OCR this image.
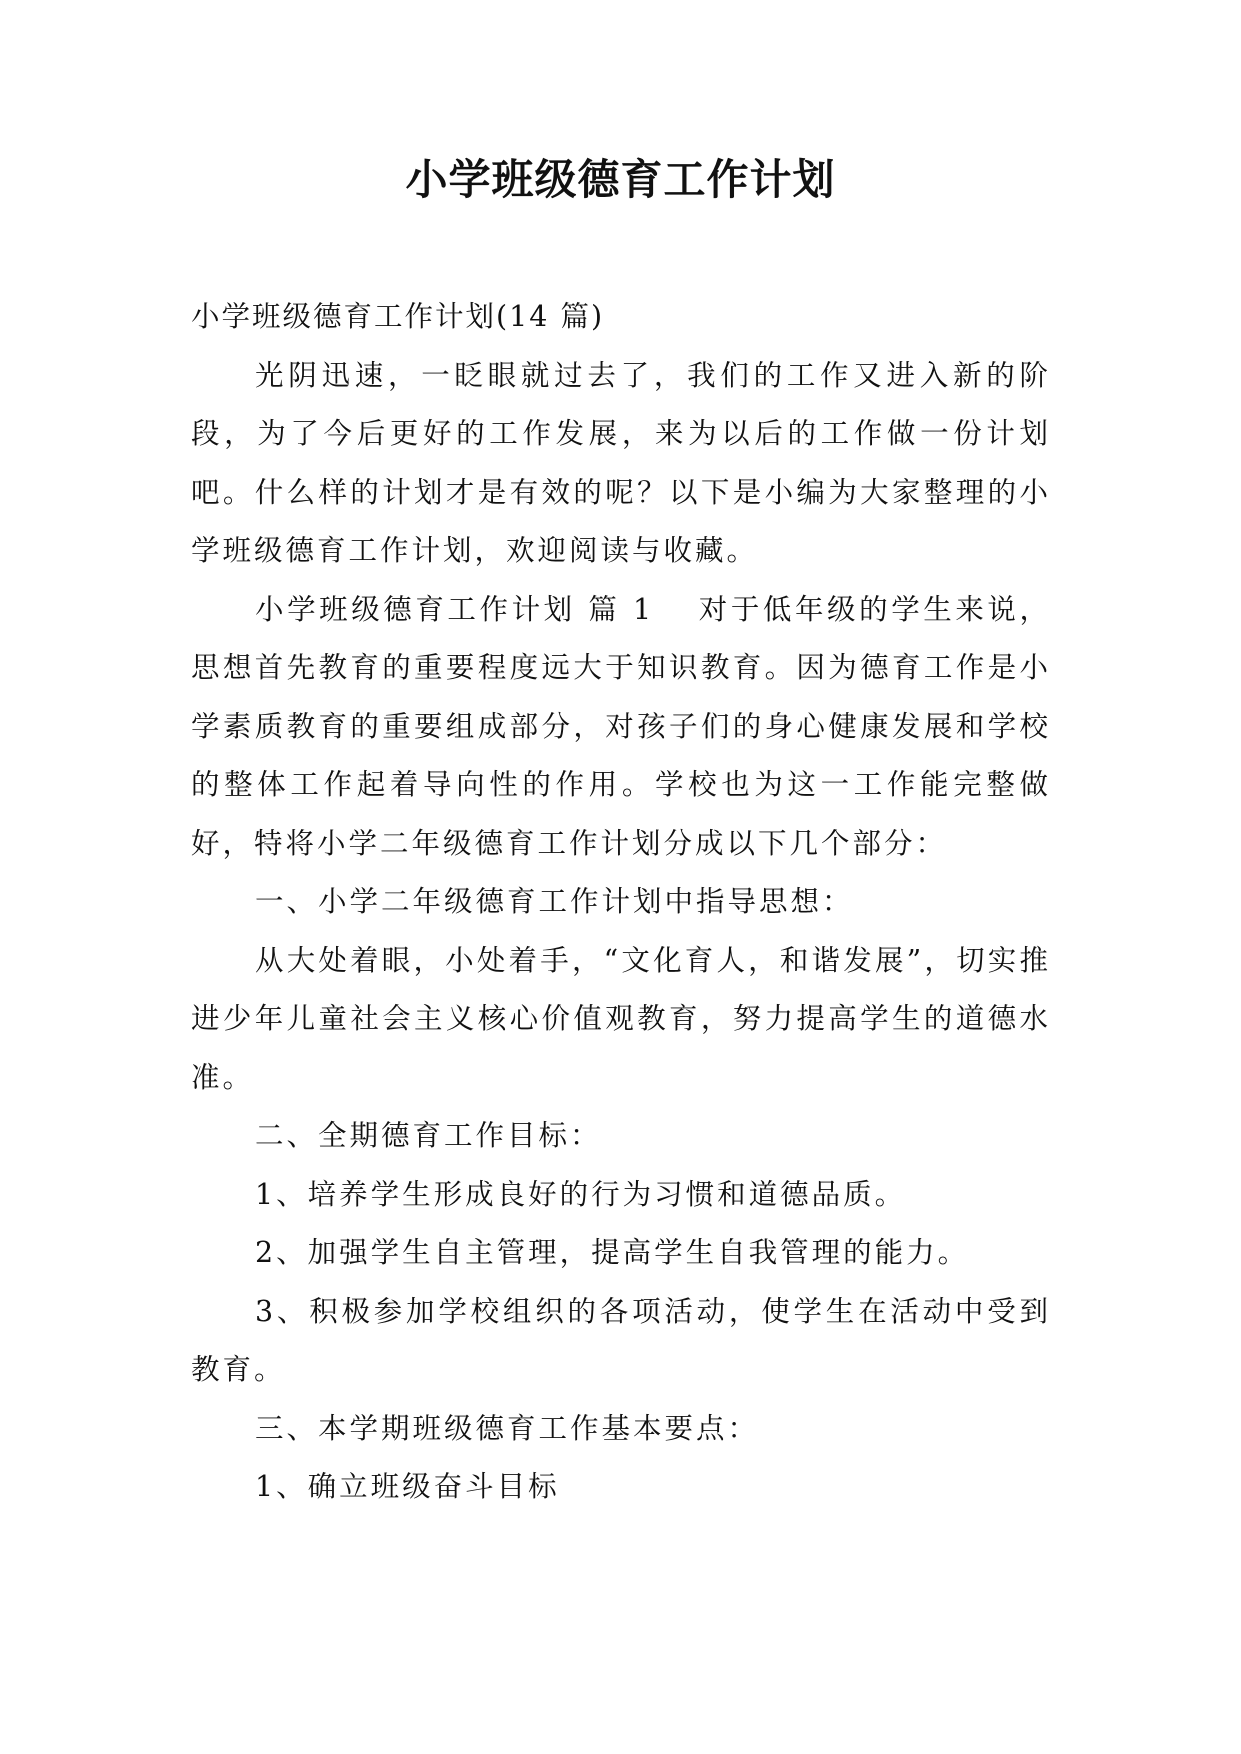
小学班级德育工作计划

小学班级德育工作计划(14 篇)

光阴迅速，一眨眼就过去了，我们的工作又进入新的阶段，为了今后更好的工作发展，来为以后的工作做一份计划吧。什么样的计划才是有效的呢？以下是小编为大家整理的小学班级德育工作计划，欢迎阅读与收藏。

小学班级德育工作计划 篇 1 对于低年级的学生来说，思想首先教育的重要程度远大于知识教育。因为德育工作是小学素质教育的重要组成部分，对孩子们的身心健康发展和学校的整体工作起着导向性的作用。学校也为这一工作能完整做好，特将小学二年级德育工作计划分成以下几个部分：

一、小学二年级德育工作计划中指导思想：

从大处着眼，小处着手，“文化育人，和谐发展”，切实推进少年儿童社会主义核心价值观教育，努力提高学生的道德水准。

二、全期德育工作目标：

1、培养学生形成良好的行为习惯和道德品质。

2、加强学生自主管理，提高学生自我管理的能力。

3、积极参加学校组织的各项活动，使学生在活动中受到教育。

三、本学期班级德育工作基本要点：

1、确立班级奋斗目标
